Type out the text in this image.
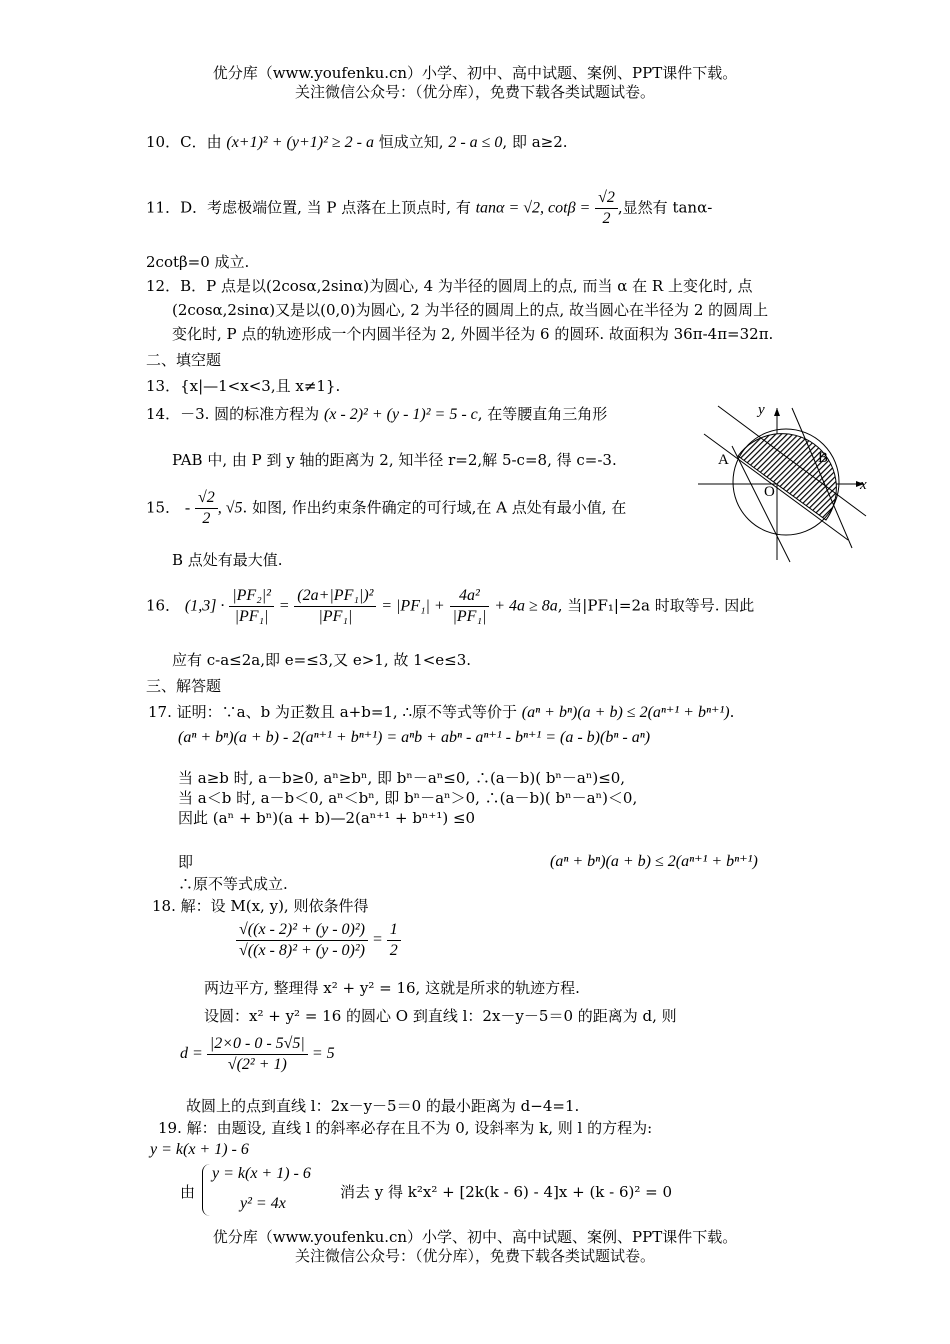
优分库（www.youfenku.cn）小学、初中、高中试题、案例、PPT课件下载。
关注微信公众号：（优分库），免费下载各类试题试卷。
10．C．由 (x+1)² + (y+1)² ≥ 2 - a 恒成立知, 2 - a ≤ 0, 即 a≥2.
11．D．考虑极端位置, 当 P 点落在上顶点时, 有 tanα = √2, $\cot\beta = \frac{√2}{2}$ ,显然有 tanα-
2cotβ=0 成立.
12．B．P 点是以(2cosα,2sinα)为圆心, 4 为半径的圆周上的点, 而当 α 在 R 上变化时, 点
(2cosα,2sinα)又是以(0,0)为圆心, 2 为半径的圆周上的点, 故当圆心在半径为 2 的圆周上
变化时, P 点的轨迹形成一个内圆半径为 2, 外圆半径为 6 的圆环. 故面积为 36π-4π=32π.
二、填空题
13．{x|—1<x<3,且 x≠1}.
14．－3. 圆的标准方程为 (x - 2)² + (y - 1)² = 5 - c, 在等腰直角三角形
PAB 中, 由 P 到 y 轴的距离为 2, 知半径 r=2,解 5-c=8, 得 c=-3.
15． - $\frac{√2}{2}$ , √5. 如图, 作出约束条件确定的可行域,在 A 点处有最小值, 在
B 点处有最大值.
16． $(1,3] \cdot \frac{\text{|PF₂|²}}{\text{|PF₁|}} = \frac{\text{(2a+|PF₁|)²}}{\text{|PF₁|}} = |PF_1| + \frac{\text{4a²}}{\text{|PF₁|}} + 4a \ge 8a$, 当|PF₁|=2a 时取等号. 因此
应有 c-a≤2a,即 e=≤3,又 e>1, 故 1<e≤3.
三、解答题
17. 证明：∵a、b 为正数且 a+b=1, ∴原不等式等价于 (aⁿ + bⁿ)(a + b) ≤ 2(aⁿ⁺¹ + bⁿ⁺¹).
(aⁿ + bⁿ)(a + b) - 2(aⁿ⁺¹ + bⁿ⁺¹) = aⁿb + abⁿ - aⁿ⁺¹ - bⁿ⁺¹ = (a - b)(bⁿ - aⁿ)
当 a≥b 时, a－b≥0, aⁿ≥bⁿ, 即 bⁿ－aⁿ≤0, ∴(a－b)( bⁿ－aⁿ)≤0,
当 a＜b 时, a－b＜0, aⁿ＜bⁿ, 即 bⁿ－aⁿ＞0, ∴(a－b)( bⁿ－aⁿ)＜0,
因此 (aⁿ + bⁿ)(a + b)—2(aⁿ⁺¹ + bⁿ⁺¹) ≤0
即	(aⁿ + bⁿ)(a + b) ≤ 2(aⁿ⁺¹ + bⁿ⁺¹)
∴原不等式成立.
18. 解：设 M(x, y), 则依条件得
$\frac{\text{√((x - 2)² + (y - 0)²)}}{\text{√((x - 8)² + (y - 0)²)}} = \frac{1}{2}$
两边平方, 整理得 x² + y² = 16, 这就是所求的轨迹方程.
设圆：x² + y² = 16 的圆心 O 到直线 l：2x－y－5＝0 的距离为 d, 则
$d = \frac{|2\times 0 - 0 - 5√5|}{\text{√(2² + 1)}} = 5$
故圆上的点到直线 l：2x－y－5＝0 的最小距离为 d−4=1.
19. 解：由题设, 直线 l 的斜率必存在且不为 0, 设斜率为 k, 则 l 的方程为:
y = k(x + 1) - 6
由
y = k(x + 1) - 6
y² = 4x
消去 y 得 k²x² + [2k(k - 6) - 4]x + (k - 6)² = 0
y
x
A	B
O
优分库（www.youfenku.cn）小学、初中、高中试题、案例、PPT课件下载。
关注微信公众号：（优分库），免费下载各类试题试卷。
